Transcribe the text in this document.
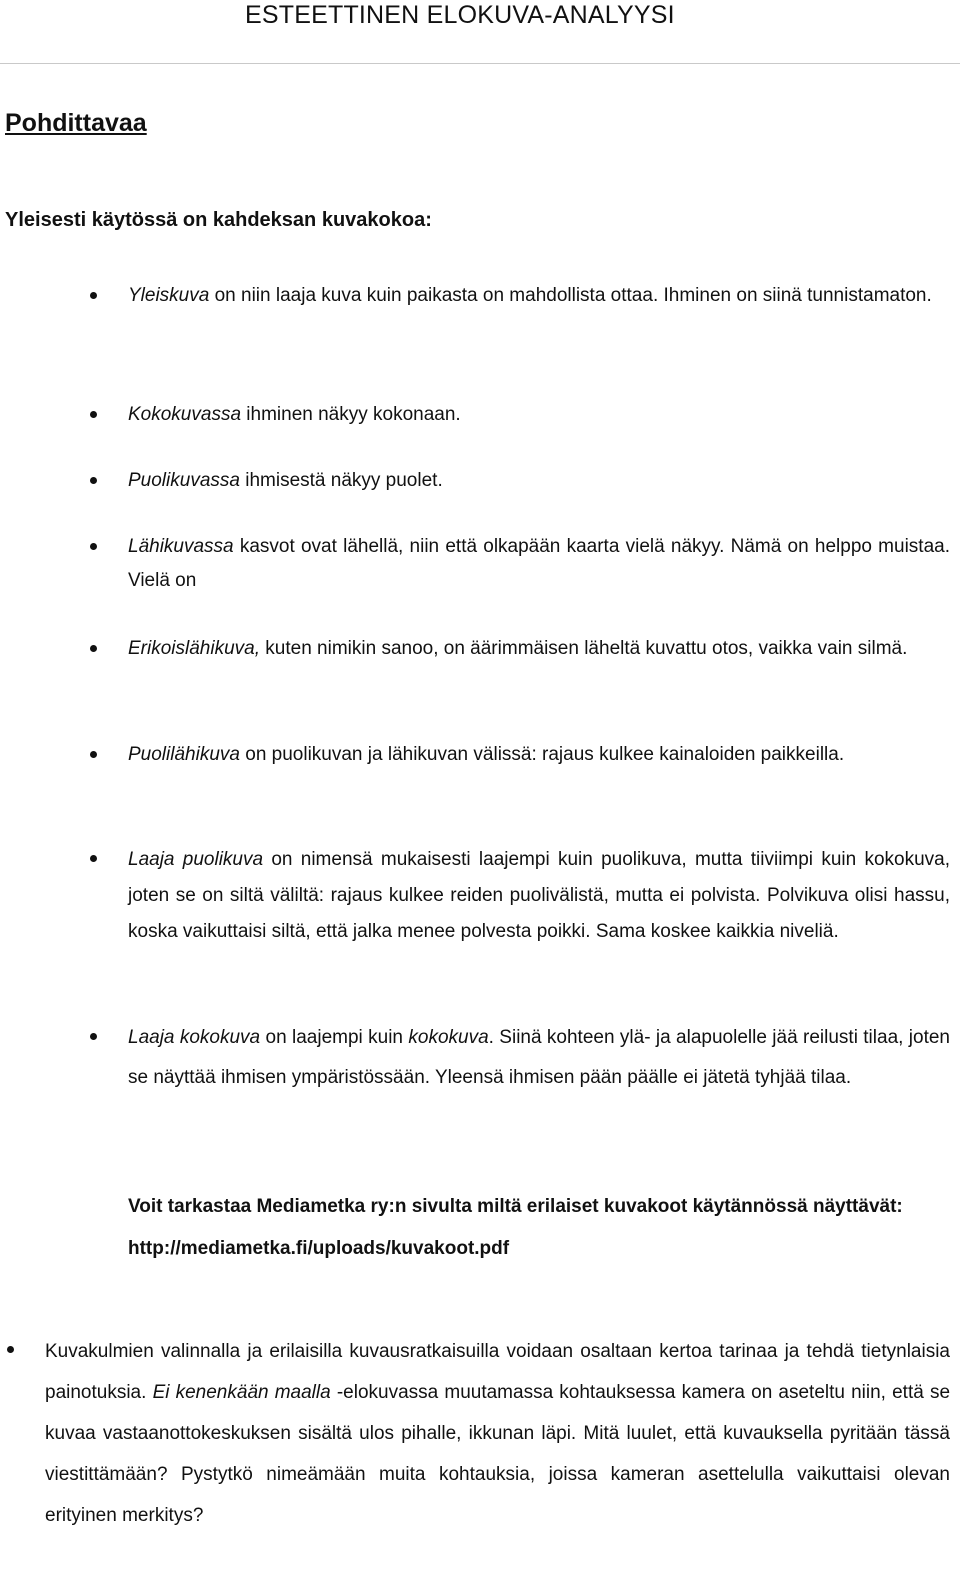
ESTEETTINEN ELOKUVA-ANALYYSI
Pohdittavaa
Yleisesti käytössä on kahdeksan kuvakokoa:
Yleiskuva on niin laaja kuva kuin paikasta on mahdollista ottaa. Ihminen on siinä tunnistamaton.
Kokokuvassa ihminen näkyy kokonaan.
Puolikuvassa ihmisestä näkyy puolet.
Lähikuvassa kasvot ovat lähellä, niin että olkapään kaarta vielä näkyy. Nämä on helppo muistaa. Vielä on
Erikoislähikuva, kuten nimikin sanoo, on äärimmäisen läheltä kuvattu otos, vaikka vain silmä.
Puolilähikuva on puolikuvan ja lähikuvan välissä: rajaus kulkee kainaloiden paikkeilla.
Laaja puolikuva on nimensä mukaisesti laajempi kuin puolikuva, mutta tiiviimpi kuin kokokuva, joten se on siltä väliltä: rajaus kulkee reiden puolivälistä, mutta ei polvista. Polvikuva olisi hassu, koska vaikuttaisi siltä, että jalka menee polvesta poikki. Sama koskee kaikkia niveliä.
Laaja kokokuva on laajempi kuin kokokuva. Siinä kohteen ylä- ja alapuolelle jää reilusti tilaa, joten se näyttää ihmisen ympäristössään. Yleensä ihmisen pään päälle ei jätetä tyhjää tilaa.
Voit tarkastaa Mediametka ry:n sivulta miltä erilaiset kuvakoot käytännössä näyttävät: http://mediametka.fi/uploads/kuvakoot.pdf
Kuvakulmien valinnalla ja erilaisilla kuvausratkaisuilla voidaan osaltaan kertoa tarinaa ja tehdä tietynlaisia painotuksia. Ei kenenkään maalla -elokuvassa muutamassa kohtauksessa kamera on aseteltu niin, että se kuvaa vastaanottokeskuksen sisältä ulos pihalle, ikkunan läpi. Mitä luulet, että kuvauksella pyritään tässä viestittämään? Pystytkö nimeämään muita kohtauksia, joissa kameran asettelulla vaikuttaisi olevan erityinen merkitys?
